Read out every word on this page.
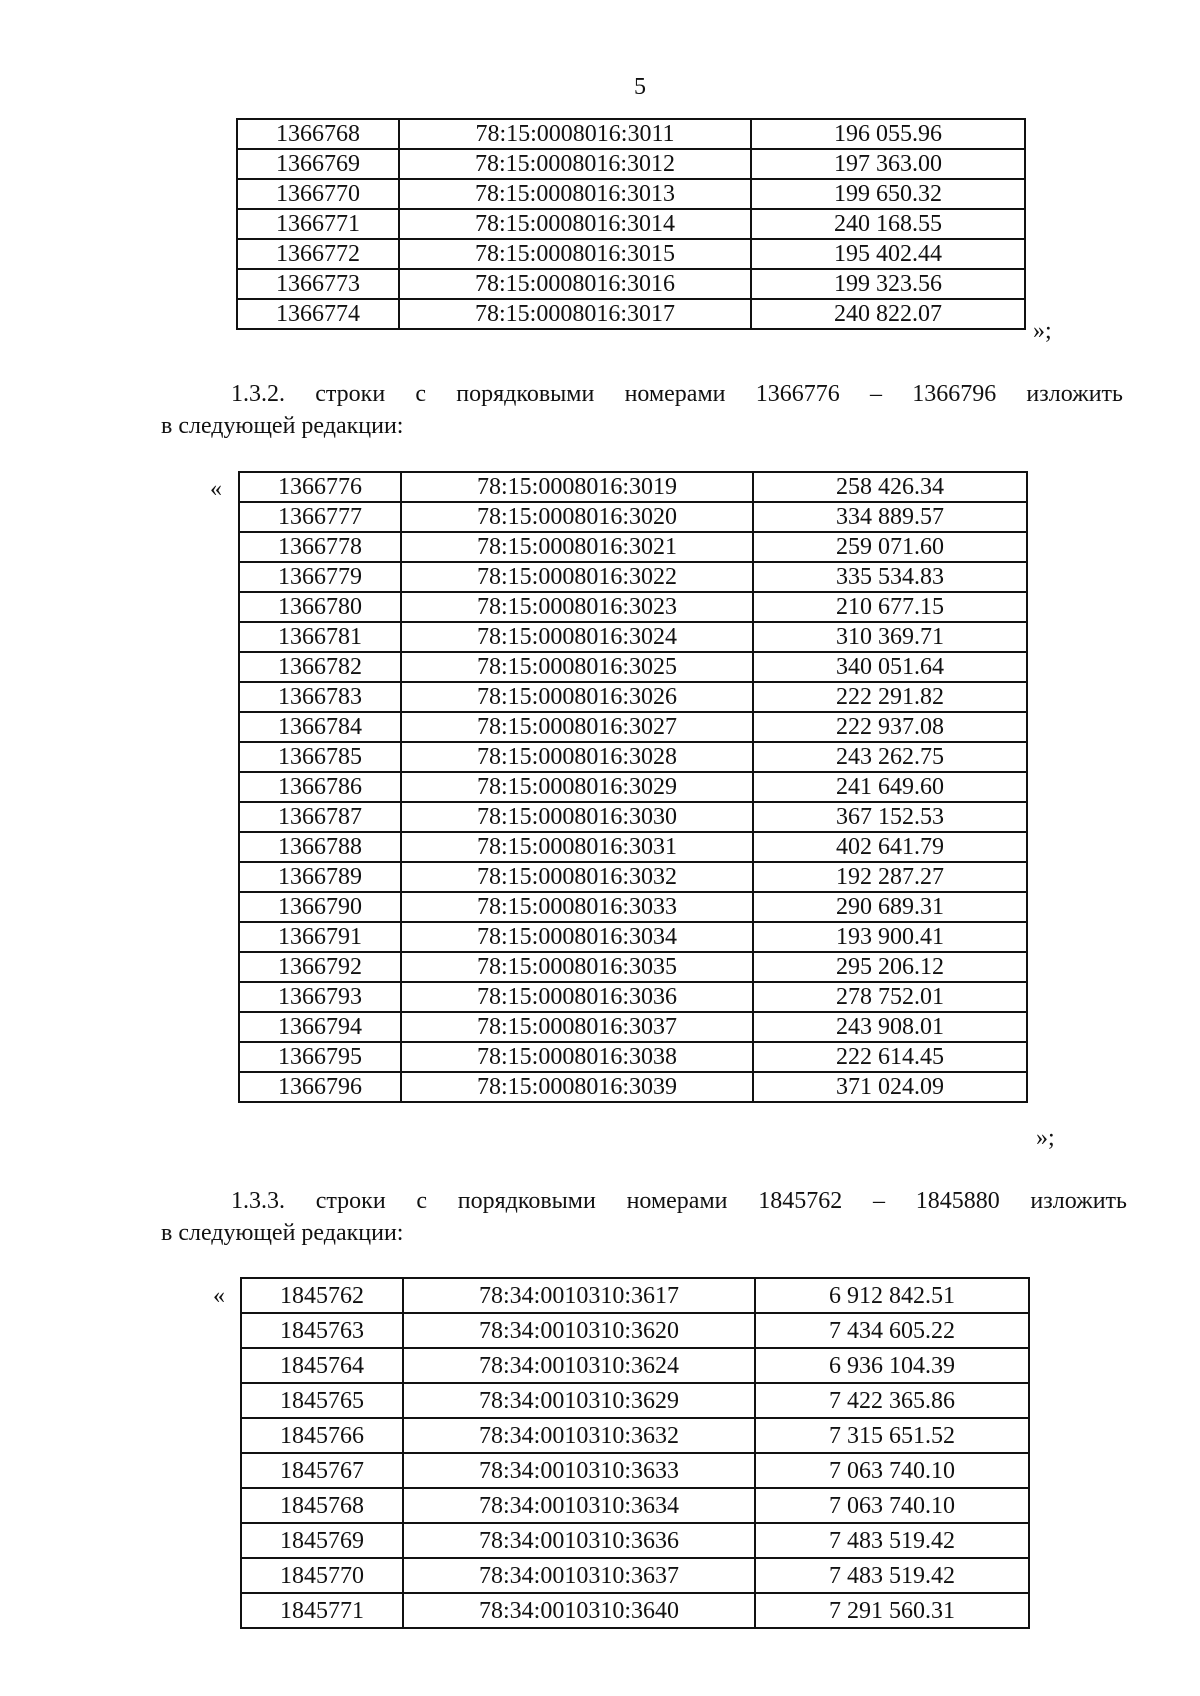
5
1366768	78:15:0008016:3011	196 055.96
1366769	78:15:0008016:3012	197 363.00
1366770	78:15:0008016:3013	199 650.32
1366771	78:15:0008016:3014	240 168.55
1366772	78:15:0008016:3015	195 402.44
1366773	78:15:0008016:3016	199 323.56
1366774	78:15:0008016:3017	240 822.07
»;
1.3.2. строки с порядковыми номерами 1366776 – 1366796 изложить
в следующей редакции:
« 1366776	78:15:0008016:3019	258 426.34
1366777	78:15:0008016:3020	334 889.57
1366778	78:15:0008016:3021	259 071.60
1366779	78:15:0008016:3022	335 534.83
1366780	78:15:0008016:3023	210 677.15
1366781	78:15:0008016:3024	310 369.71
1366782	78:15:0008016:3025	340 051.64
1366783	78:15:0008016:3026	222 291.82
1366784	78:15:0008016:3027	222 937.08
1366785	78:15:0008016:3028	243 262.75
1366786	78:15:0008016:3029	241 649.60
1366787	78:15:0008016:3030	367 152.53
1366788	78:15:0008016:3031	402 641.79
1366789	78:15:0008016:3032	192 287.27
1366790	78:15:0008016:3033	290 689.31
1366791	78:15:0008016:3034	193 900.41
1366792	78:15:0008016:3035	295 206.12
1366793	78:15:0008016:3036	278 752.01
1366794	78:15:0008016:3037	243 908.01
1366795	78:15:0008016:3038	222 614.45
1366796	78:15:0008016:3039	371 024.09
»;
1.3.3. строки с порядковыми номерами 1845762 – 1845880 изложить
в следующей редакции:
« 1845762	78:34:0010310:3617	6 912 842.51
1845763	78:34:0010310:3620	7 434 605.22
1845764	78:34:0010310:3624	6 936 104.39
1845765	78:34:0010310:3629	7 422 365.86
1845766	78:34:0010310:3632	7 315 651.52
1845767	78:34:0010310:3633	7 063 740.10
1845768	78:34:0010310:3634	7 063 740.10
1845769	78:34:0010310:3636	7 483 519.42
1845770	78:34:0010310:3637	7 483 519.42
1845771	78:34:0010310:3640	7 291 560.31
